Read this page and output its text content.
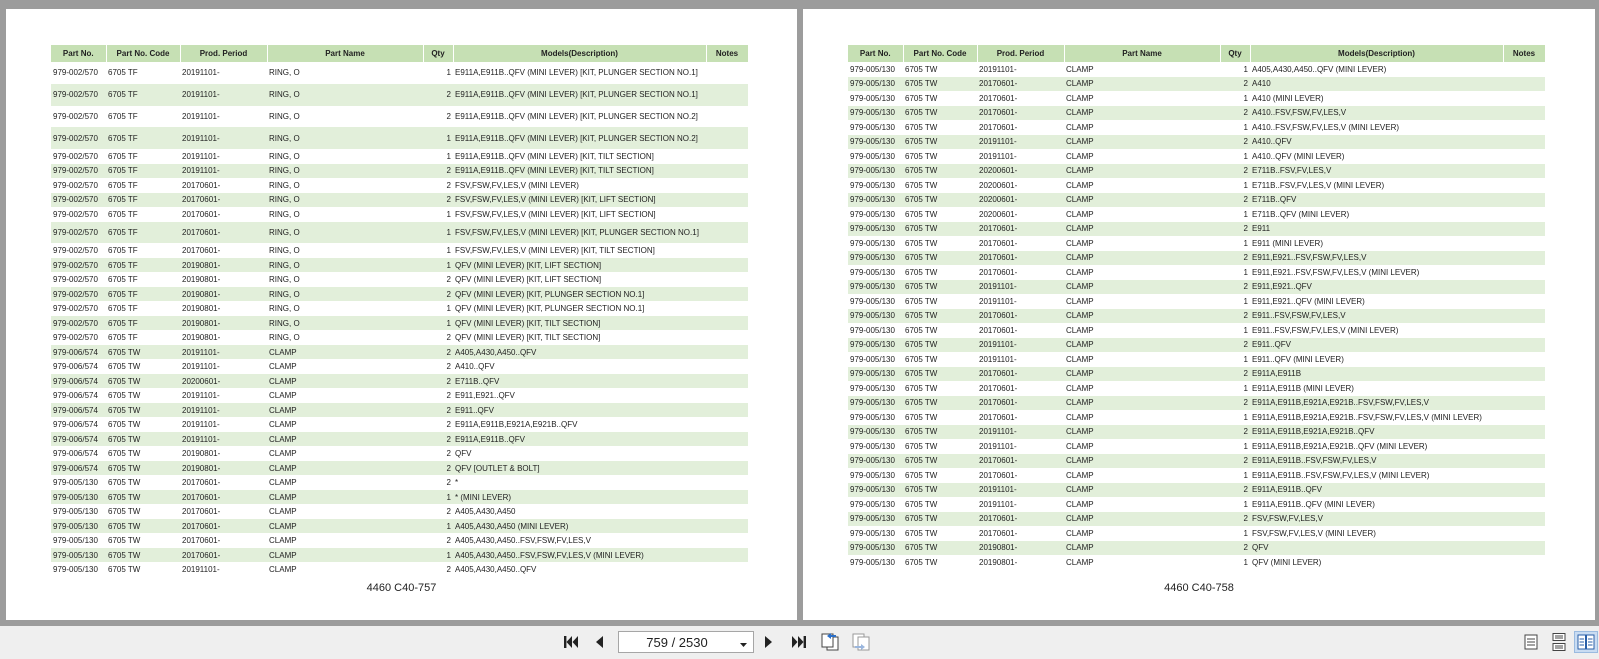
Part No.	Part No. Code	Prod. Period	Part Name	Qty	Models(Description)	Notes
979-002/570	6705 TF	20191101-	RING, O	1	E911A,E911B..QFV (MINI LEVER) [KIT, PLUNGER SECTION NO.1]	
979-002/570	6705 TF	20191101-	RING, O	2	E911A,E911B..QFV (MINI LEVER) [KIT, PLUNGER SECTION NO.1]	
979-002/570	6705 TF	20191101-	RING, O	2	E911A,E911B..QFV (MINI LEVER) [KIT, PLUNGER SECTION NO.2]	
979-002/570	6705 TF	20191101-	RING, O	1	E911A,E911B..QFV (MINI LEVER) [KIT, PLUNGER SECTION NO.2]	
979-002/570	6705 TF	20191101-	RING, O	1	E911A,E911B..QFV (MINI LEVER) [KIT, TILT SECTION]	
979-002/570	6705 TF	20191101-	RING, O	2	E911A,E911B..QFV (MINI LEVER) [KIT, TILT SECTION]	
979-002/570	6705 TF	20170601-	RING, O	2	FSV,FSW,FV,LES,V (MINI LEVER)	
979-002/570	6705 TF	20170601-	RING, O	2	FSV,FSW,FV,LES,V (MINI LEVER) [KIT, LIFT SECTION]	
979-002/570	6705 TF	20170601-	RING, O	1	FSV,FSW,FV,LES,V (MINI LEVER) [KIT, LIFT SECTION]	
979-002/570	6705 TF	20170601-	RING, O	1	FSV,FSW,FV,LES,V (MINI LEVER) [KIT, PLUNGER SECTION NO.1]	
979-002/570	6705 TF	20170601-	RING, O	1	FSV,FSW,FV,LES,V (MINI LEVER) [KIT, TILT SECTION]	
979-002/570	6705 TF	20190801-	RING, O	1	QFV (MINI LEVER) [KIT, LIFT SECTION]	
979-002/570	6705 TF	20190801-	RING, O	2	QFV (MINI LEVER) [KIT, LIFT SECTION]	
979-002/570	6705 TF	20190801-	RING, O	2	QFV (MINI LEVER) [KIT, PLUNGER SECTION NO.1]	
979-002/570	6705 TF	20190801-	RING, O	1	QFV (MINI LEVER) [KIT, PLUNGER SECTION NO.1]	
979-002/570	6705 TF	20190801-	RING, O	1	QFV (MINI LEVER) [KIT, TILT SECTION]	
979-002/570	6705 TF	20190801-	RING, O	2	QFV (MINI LEVER) [KIT, TILT SECTION]	
979-006/574	6705 TW	20191101-	CLAMP	2	A405,A430,A450..QFV	
979-006/574	6705 TW	20191101-	CLAMP	2	A410..QFV	
979-006/574	6705 TW	20200601-	CLAMP	2	E711B..QFV	
979-006/574	6705 TW	20191101-	CLAMP	2	E911,E921..QFV	
979-006/574	6705 TW	20191101-	CLAMP	2	E911..QFV	
979-006/574	6705 TW	20191101-	CLAMP	2	E911A,E911B,E921A,E921B..QFV	
979-006/574	6705 TW	20191101-	CLAMP	2	E911A,E911B..QFV	
979-006/574	6705 TW	20190801-	CLAMP	2	QFV	
979-006/574	6705 TW	20190801-	CLAMP	2	QFV [OUTLET & BOLT]	
979-005/130	6705 TW	20170601-	CLAMP	2	*	
979-005/130	6705 TW	20170601-	CLAMP	1	* (MINI LEVER)	
979-005/130	6705 TW	20170601-	CLAMP	2	A405,A430,A450	
979-005/130	6705 TW	20170601-	CLAMP	1	A405,A430,A450 (MINI LEVER)	
979-005/130	6705 TW	20170601-	CLAMP	2	A405,A430,A450..FSV,FSW,FV,LES,V	
979-005/130	6705 TW	20170601-	CLAMP	1	A405,A430,A450..FSV,FSW,FV,LES,V (MINI LEVER)	
979-005/130	6705 TW	20191101-	CLAMP	2	A405,A430,A450..QFV	
4460 C40-757
Part No.	Part No. Code	Prod. Period	Part Name	Qty	Models(Description)	Notes
979-005/130	6705 TW	20191101-	CLAMP	1	A405,A430,A450..QFV (MINI LEVER)	
979-005/130	6705 TW	20170601-	CLAMP	2	A410	
979-005/130	6705 TW	20170601-	CLAMP	1	A410 (MINI LEVER)	
979-005/130	6705 TW	20170601-	CLAMP	2	A410..FSV,FSW,FV,LES,V	
979-005/130	6705 TW	20170601-	CLAMP	1	A410..FSV,FSW,FV,LES,V (MINI LEVER)	
979-005/130	6705 TW	20191101-	CLAMP	2	A410..QFV	
979-005/130	6705 TW	20191101-	CLAMP	1	A410..QFV (MINI LEVER)	
979-005/130	6705 TW	20200601-	CLAMP	2	E711B..FSV,FV,LES,V	
979-005/130	6705 TW	20200601-	CLAMP	1	E711B..FSV,FV,LES,V (MINI LEVER)	
979-005/130	6705 TW	20200601-	CLAMP	2	E711B..QFV	
979-005/130	6705 TW	20200601-	CLAMP	1	E711B..QFV (MINI LEVER)	
979-005/130	6705 TW	20170601-	CLAMP	2	E911	
979-005/130	6705 TW	20170601-	CLAMP	1	E911 (MINI LEVER)	
979-005/130	6705 TW	20170601-	CLAMP	2	E911,E921..FSV,FSW,FV,LES,V	
979-005/130	6705 TW	20170601-	CLAMP	1	E911,E921..FSV,FSW,FV,LES,V (MINI LEVER)	
979-005/130	6705 TW	20191101-	CLAMP	2	E911,E921..QFV	
979-005/130	6705 TW	20191101-	CLAMP	1	E911,E921..QFV (MINI LEVER)	
979-005/130	6705 TW	20170601-	CLAMP	2	E911..FSV,FSW,FV,LES,V	
979-005/130	6705 TW	20170601-	CLAMP	1	E911..FSV,FSW,FV,LES,V (MINI LEVER)	
979-005/130	6705 TW	20191101-	CLAMP	2	E911..QFV	
979-005/130	6705 TW	20191101-	CLAMP	1	E911..QFV (MINI LEVER)	
979-005/130	6705 TW	20170601-	CLAMP	2	E911A,E911B	
979-005/130	6705 TW	20170601-	CLAMP	1	E911A,E911B (MINI LEVER)	
979-005/130	6705 TW	20170601-	CLAMP	2	E911A,E911B,E921A,E921B..FSV,FSW,FV,LES,V	
979-005/130	6705 TW	20170601-	CLAMP	1	E911A,E911B,E921A,E921B..FSV,FSW,FV,LES,V (MINI LEVER)	
979-005/130	6705 TW	20191101-	CLAMP	2	E911A,E911B,E921A,E921B..QFV	
979-005/130	6705 TW	20191101-	CLAMP	1	E911A,E911B,E921A,E921B..QFV (MINI LEVER)	
979-005/130	6705 TW	20170601-	CLAMP	2	E911A,E911B..FSV,FSW,FV,LES,V	
979-005/130	6705 TW	20170601-	CLAMP	1	E911A,E911B..FSV,FSW,FV,LES,V (MINI LEVER)	
979-005/130	6705 TW	20191101-	CLAMP	2	E911A,E911B..QFV	
979-005/130	6705 TW	20191101-	CLAMP	1	E911A,E911B..QFV (MINI LEVER)	
979-005/130	6705 TW	20170601-	CLAMP	2	FSV,FSW,FV,LES,V	
979-005/130	6705 TW	20170601-	CLAMP	1	FSV,FSW,FV,LES,V (MINI LEVER)	
979-005/130	6705 TW	20190801-	CLAMP	2	QFV	
979-005/130	6705 TW	20190801-	CLAMP	1	QFV (MINI LEVER)	
4460 C40-758
759 / 2530
